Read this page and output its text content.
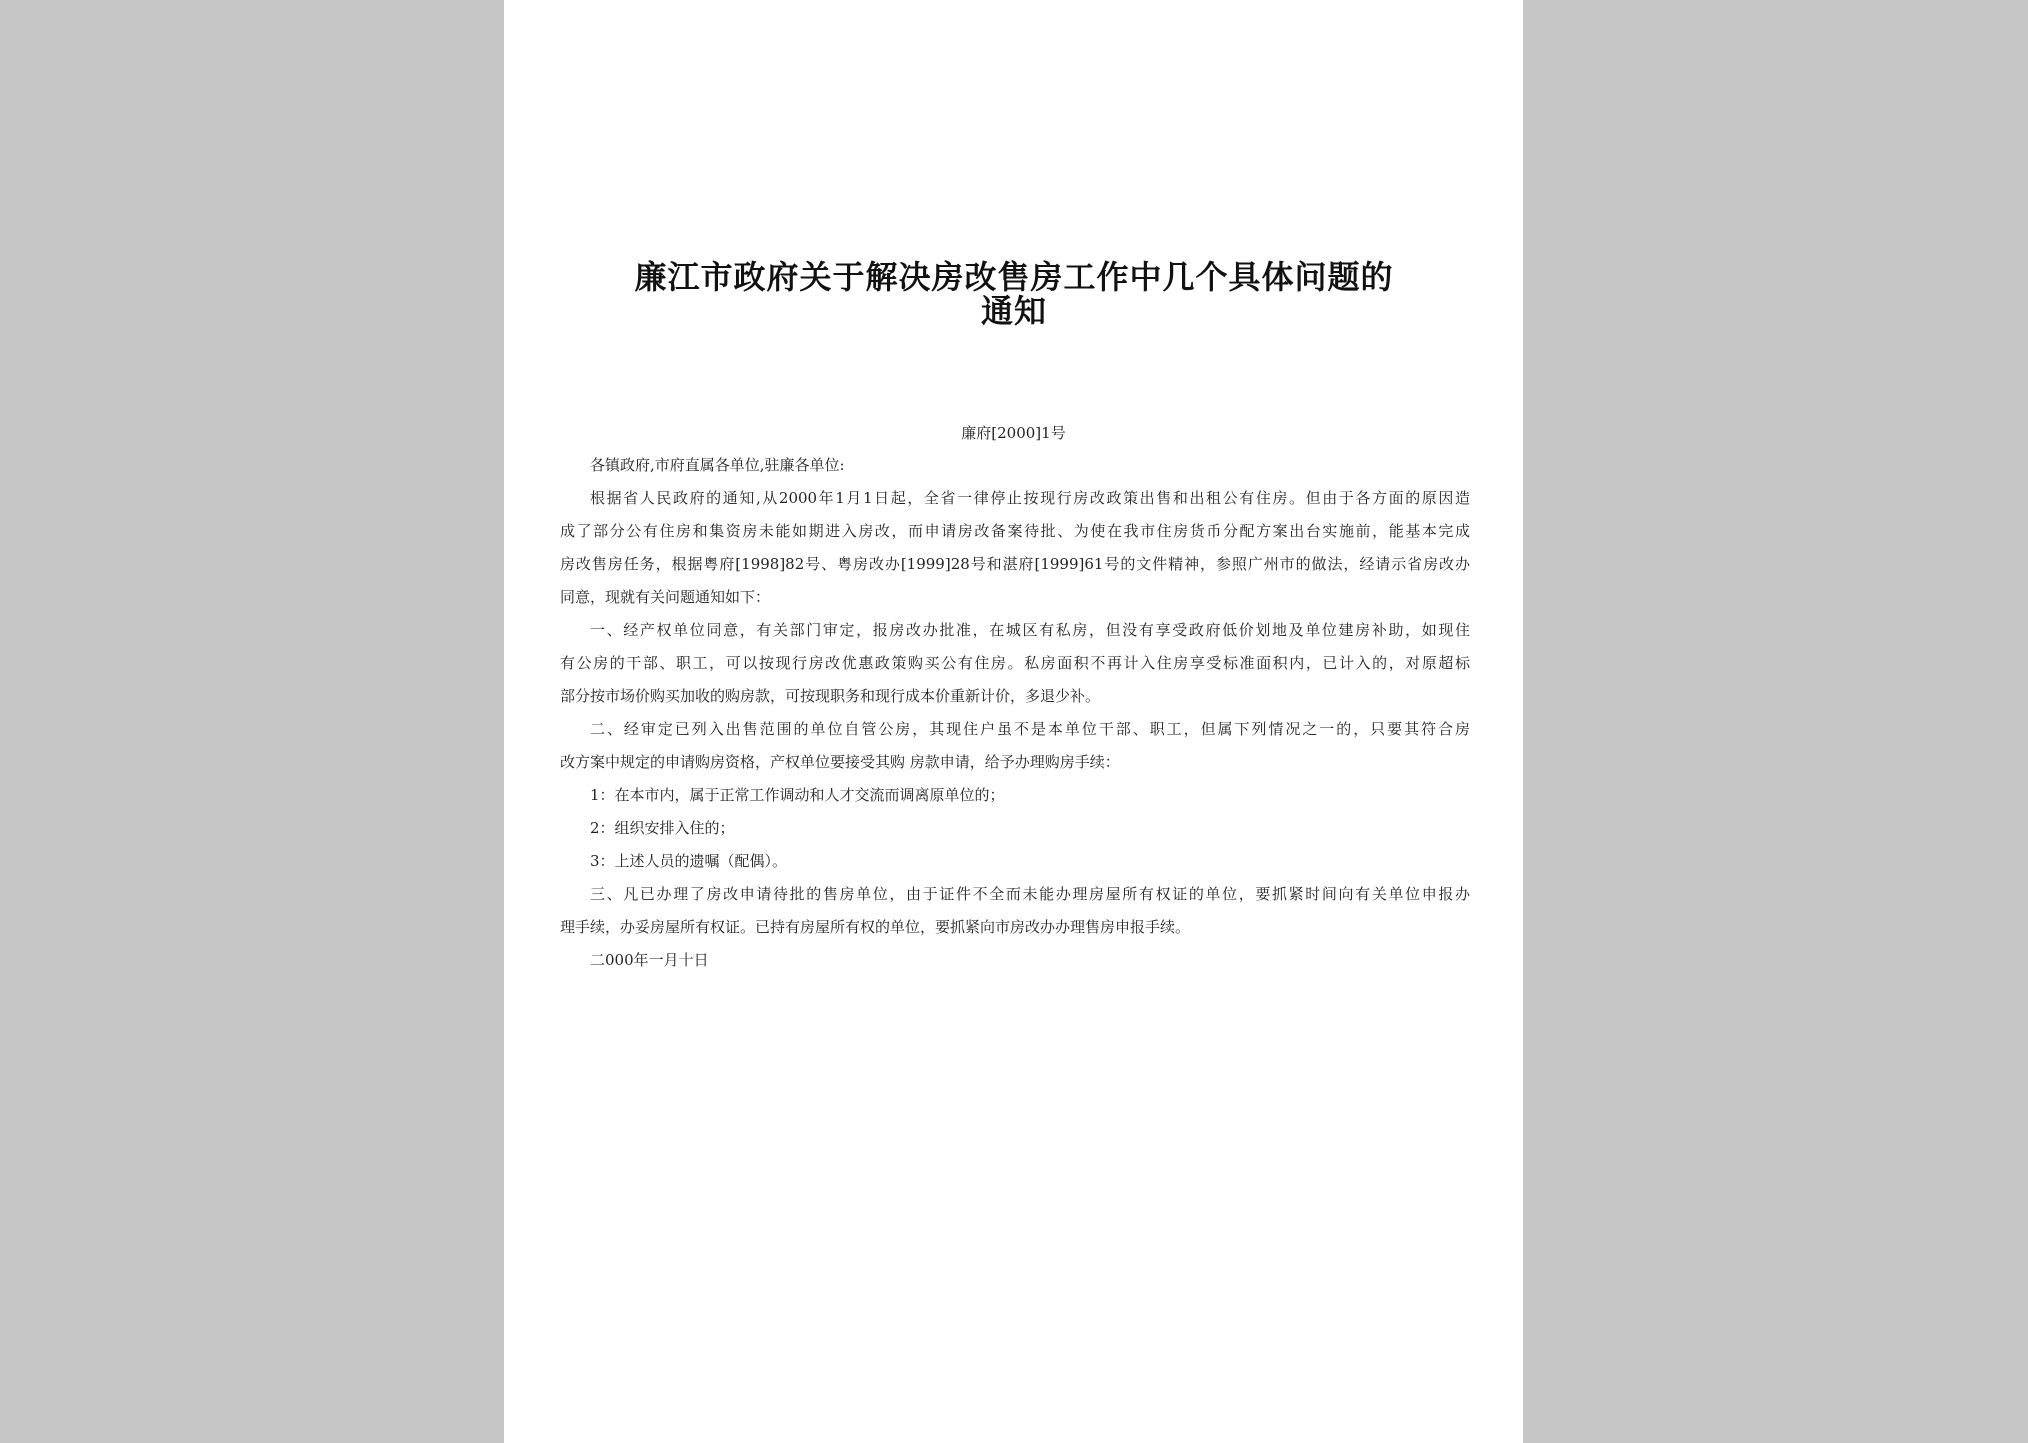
廉江市政府关于解决房改售房工作中几个具体问题的
通知
廉府[2000]1号
各镇政府,市府直属各单位,驻廉各单位:
根据省人民政府的通知,从2000年1月1日起，全省一律停止按现行房改政策出售和出租公有住房。但由于各方面的原因造
成了部分公有住房和集资房未能如期进入房改，而申请房改备案待批、为使在我市住房货币分配方案出台实施前，能基本完成
房改售房任务，根据粤府[1998]82号、粤房改办[1999]28号和湛府[1999]61号的文件精神，参照广州市的做法，经请示省房改办
同意，现就有关问题通知如下：
一、经产权单位同意，有关部门审定，报房改办批准，在城区有私房，但没有享受政府低价划地及单位建房补助，如现住
有公房的干部、职工，可以按现行房改优惠政策购买公有住房。私房面积不再计入住房享受标准面积内，已计入的，对原超标
部分按市场价购买加收的购房款，可按现职务和现行成本价重新计价，多退少补。
二、经审定已列入出售范围的单位自管公房，其现住户虽不是本单位干部、职工，但属下列情况之一的，只要其符合房
改方案中规定的申请购房资格，产权单位要接受其购 房款申请，给予办理购房手续：
1：在本市内，属于正常工作调动和人才交流而调离原单位的；
2：组织安排入住的；
3：上述人员的遗嘱（配偶）。
三、凡已办理了房改申请待批的售房单位，由于证件不全而未能办理房屋所有权证的单位，要抓紧时间向有关单位申报办
理手续，办妥房屋所有权证。已持有房屋所有权的单位，要抓紧向市房改办办理售房申报手续。
二000年一月十日
